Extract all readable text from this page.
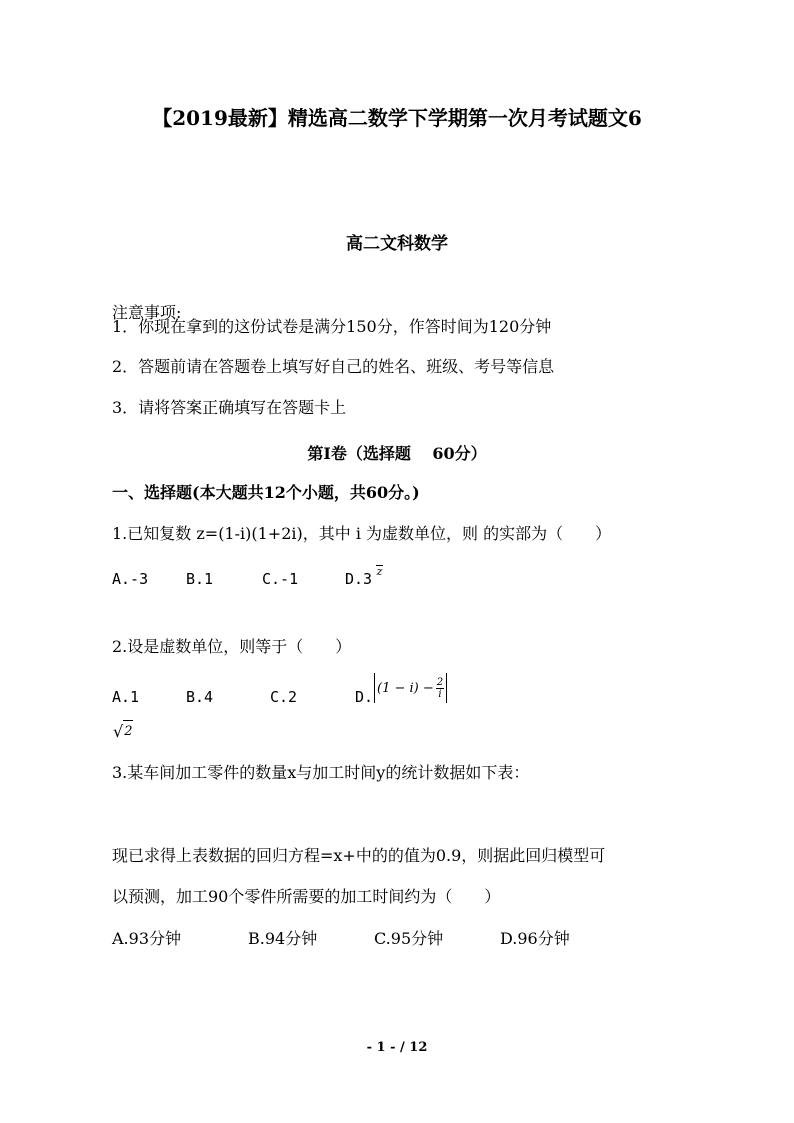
【2019最新】精选高二数学下学期第一次月考试题文6
高二文科数学
注意事项:
1．你现在拿到的这份试卷是满分150分，作答时间为120分钟
2．答题前请在答题卷上填写好自己的姓名、班级、考号等信息
3．请将答案正确填写在答题卡上
第Ⅰ卷（选择题　 60分）
一、选择题(本大题共12个小题，共60分。)
1.已知复数 z=(1-i)(1+2i)，其中 i 为虚数单位，则 的实部为（　　）
A.-3	B.1	C.-1	D.3 z
2.设是虚数单位，则等于（　　）
A.1	B.4	C.2	D. $(1 - i) - \frac{2}{i}$
√ 2
3.某车间加工零件的数量x与加工时间y的统计数据如下表：
现已求得上表数据的回归方程=x+中的的值为0.9，则据此回归模型可
以预测，加工90个零件所需要的加工时间约为（　　）
A.93分钟	B.94分钟	C.95分钟	D.96分钟
- 1 - / 12
